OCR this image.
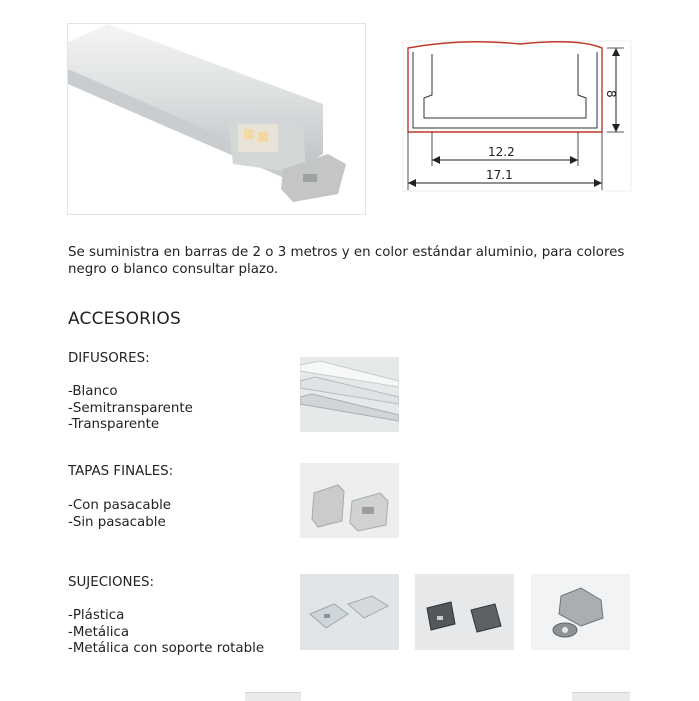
8
12.2
17.1
Se suministra en barras de 2 o 3 metros y en color estándar aluminio, para colores negro o blanco consultar plazo.
ACCESORIOS
DIFUSORES:
-Blanco
-Semitransparente
-Transparente
TAPAS FINALES:
-Con pasacable
-Sin pasacable
SUJECIONES:
-Plástica
-Metálica
-Metálica con soporte rotable
